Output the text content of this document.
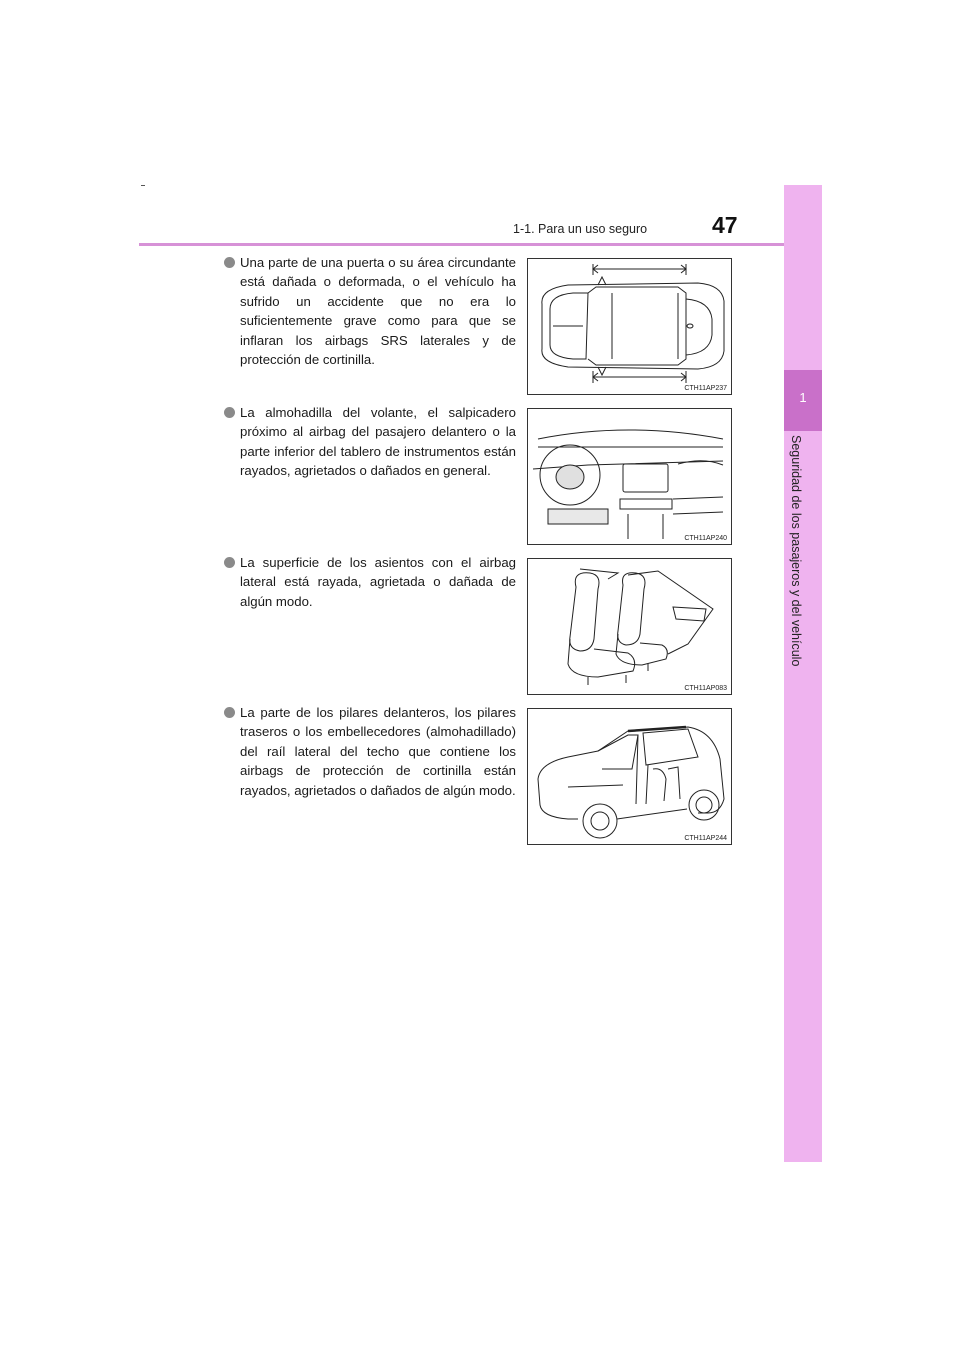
1-1. Para un uso seguro	47
1
Seguridad de los pasajeros y del vehículo

Una parte de una puerta o su área circundante está dañada o deformada, o el vehículo ha sufrido un accidente que no era lo suficientemente grave como para que se inflaran los airbags SRS laterales y de protección de cortinilla.

CTH11AP237

La almohadilla del volante, el salpicadero próximo al airbag del pasajero delantero o la parte inferior del tablero de instrumentos están rayados, agrietados o dañados en general.

CTH11AP240

La superficie de los asientos con el airbag lateral está rayada, agrietada o dañada de algún modo.

CTH11AP083

La parte de los pilares delanteros, los pilares traseros o los embellecedores (almohadillado) del raíl lateral del techo que contiene los airbags de protección de cortinilla están rayados, agrietados o dañados de algún modo.

CTH11AP244
